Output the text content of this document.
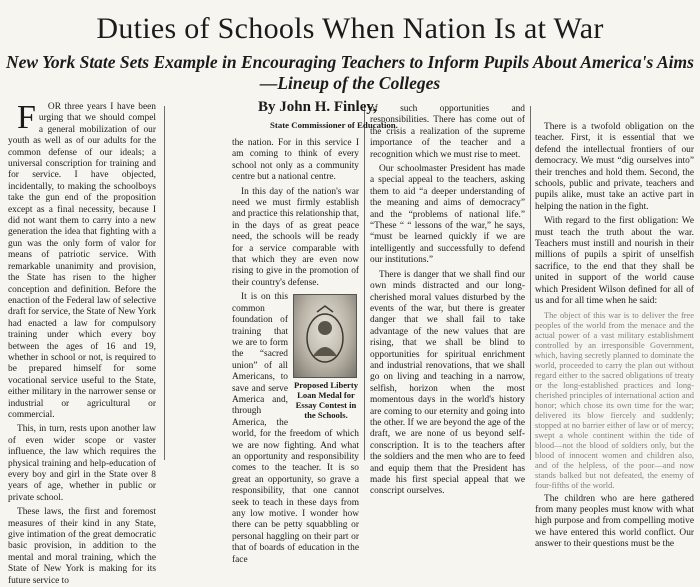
Duties of Schools When Nation Is at War
New York State Sets Example in Encouraging Teachers to Inform Pupils About America's Aims —Lineup of the Colleges
By John H. Finley,
State Commissioner of Education.

F OR three years I have been urging that we should compel a general mobilization of our youth as well as of our adults for the common defense of our ideals; a universal conscription for training and for service. I have objected, incidentally, to making the schoolboys take the gun end of the proposition except as a final necessity, because I did not want them to carry into a new generation the idea that fighting with a gun was the only form of valor for means of patriotic service. With remarkable unanimity and provision, the State has risen to the higher conception and definition. Before the enaction of the Federal law of selective draft for service, the State of New York had enacted a law for compulsory training under which every boy between the ages of 16 and 19, whether in school or not, is required to be prepared himself for some vocational service useful to the State, either military in the narrower sense or industrial or agricultural or commercial.

This, in turn, rests upon another law of even wider scope or vaster influence, the law which requires the physical training and help-education of every boy and girl in the State over 8 years of age, whether in public or private school.

These laws, the first and foremost measures of their kind in any State, give intimation of the great democratic basic provision, in addition to the mental and moral training, which the State of New York is making for its future service to

the nation. For in this service I am coming to think of every school not only as a community centre but a national centre.

In this day of the nation's war need we must firmly establish and practice this relationship that, in the days of as great peace need, the schools will be ready for a service comparable with that which they are even now rising to give in the promotion of their country's defense.

Proposed Liberty Loan Medal for Essay Contest in the Schools.

It is on this common foundation of training that we are to form the “sacred union” of all Americans, to save and serve America and, through America, the world, for the freedom of which we are now fighting. And what an opportunity and responsibility comes to the teacher. It is so great an opportunity, so grave a responsibility, that one cannot seek to teach in these days from any low motive. I wonder how there can be petty squabbling or personal haggling on their part or that of boards of education in the face

of such opportunities and responsibilities. There has come out of the crisis a realization of the supreme importance of the teacher and a recognition which we must rise to meet.

Our schoolmaster President has made a special appeal to the teachers, asking them to aid “a deeper understanding of the meaning and aims of democracy” and the “problems of national life.” “These “ “ lessons of the war,” he says, “must be learned quickly if we are intelligently and successfully to defend our institutions.”

There is danger that we shall find our own minds distracted and our long-cherished moral values disturbed by the events of the war, but there is greater danger that we shall fail to take advantage of the new values that are rising, that we shall be blind to opportunities for spiritual enrichment and industrial renovations, that we shall go on living and teaching in a narrow, selfish, horizon when the most momentous days in the world's history are coming to our eternity and going into the other. If we are beyond the age of the draft, we are none of us beyond self-conscription. It is to the teachers after the soldiers and the men who are to feed and equip them that the President has made his first special appeal that we conscript ourselves.

There is a twofold obligation on the teacher. First, it is essential that we defend the intellectual frontiers of our democracy. We must “dig ourselves into” their trenches and hold them. Second, the schools, public and private, teachers and pupils alike, must take an active part in helping the nation in the fight.

With regard to the first obligation: We must teach the truth about the war. Teachers must instill and nourish in their millions of pupils a spirit of unselfish sacrifice, to the end that they shall be united in support of the world cause which President Wilson defined for all of us and for all time when he said:

The object of this war is to deliver the free peoples of the world from the menace and the actual power of a vast military establishment controlled by an irresponsible Government, which, having secretly planned to dominate the world, proceeded to carry the plan out without regard either to the sacred obligations of treaty or the long-established practices and long-cherished principles of international action and honor; which chose its own time for the war; delivered its blow fiercely and suddenly; stopped at no barrier either of law or of mercy; swept a whole continent within the tide of blood—not the blood of soldiers only, but the blood of innocent women and children also, and of the helpless, of the poor—and now stands balked but not defeated, the enemy of four-fifths of the world.

The children who are here gathered from many peoples must know with what high purpose and from compelling motive we have entered this world conflict. Our answer to their questions must be the
